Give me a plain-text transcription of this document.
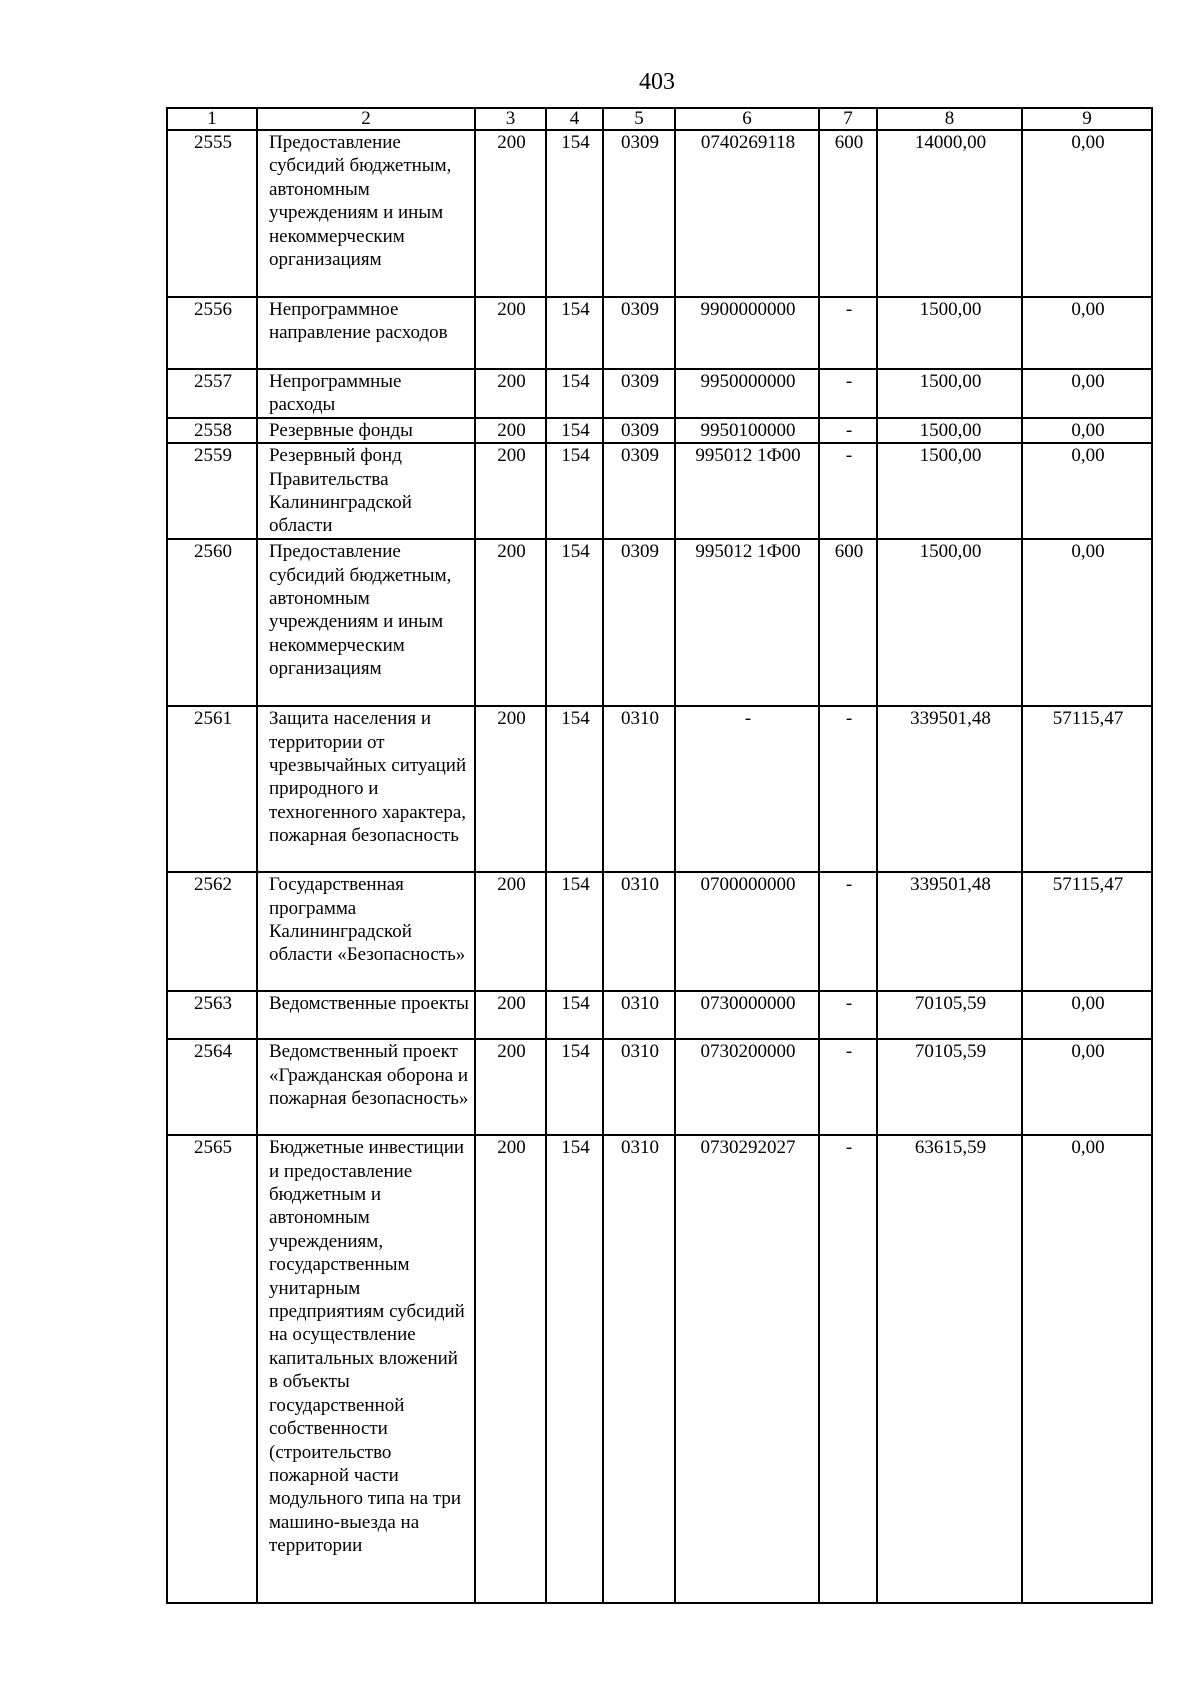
403
1	2	3	4	5	6	7	8	9
2555	Предоставление субсидий бюджетным, автономным учреждениям и иным некоммерческим организациям	200	154	0309	0740269118	600	14000,00	0,00
2556	Непрограммное направление расходов	200	154	0309	9900000000	-	1500,00	0,00
2557	Непрограммные расходы	200	154	0309	9950000000	-	1500,00	0,00
2558	Резервные фонды	200	154	0309	9950100000	-	1500,00	0,00
2559	Резервный фонд Правительства Калининградской области	200	154	0309	995012 1Ф00	-	1500,00	0,00
2560	Предоставление субсидий бюджетным, автономным учреждениям и иным некоммерческим организациям	200	154	0309	995012 1Ф00	600	1500,00	0,00
2561	Защита населения и территории от чрезвычайных ситуаций природного и техногенного характера, пожарная безопасность	200	154	0310	-	-	339501,48	57115,47
2562	Государственная программа Калининградской области «Безопасность»	200	154	0310	0700000000	-	339501,48	57115,47
2563	Ведомственные проекты	200	154	0310	0730000000	-	70105,59	0,00
2564	Ведомственный проект «Гражданская оборона и пожарная безопасность»	200	154	0310	0730200000	-	70105,59	0,00
2565	Бюджетные инвестиции и предоставление бюджетным и автономным учреждениям, государственным унитарным предприятиям субсидий на осуществление капитальных вложений в объекты государственной собственности (строительство пожарной части модульного типа на три машино-выезда на территории	200	154	0310	0730292027	-	63615,59	0,00
